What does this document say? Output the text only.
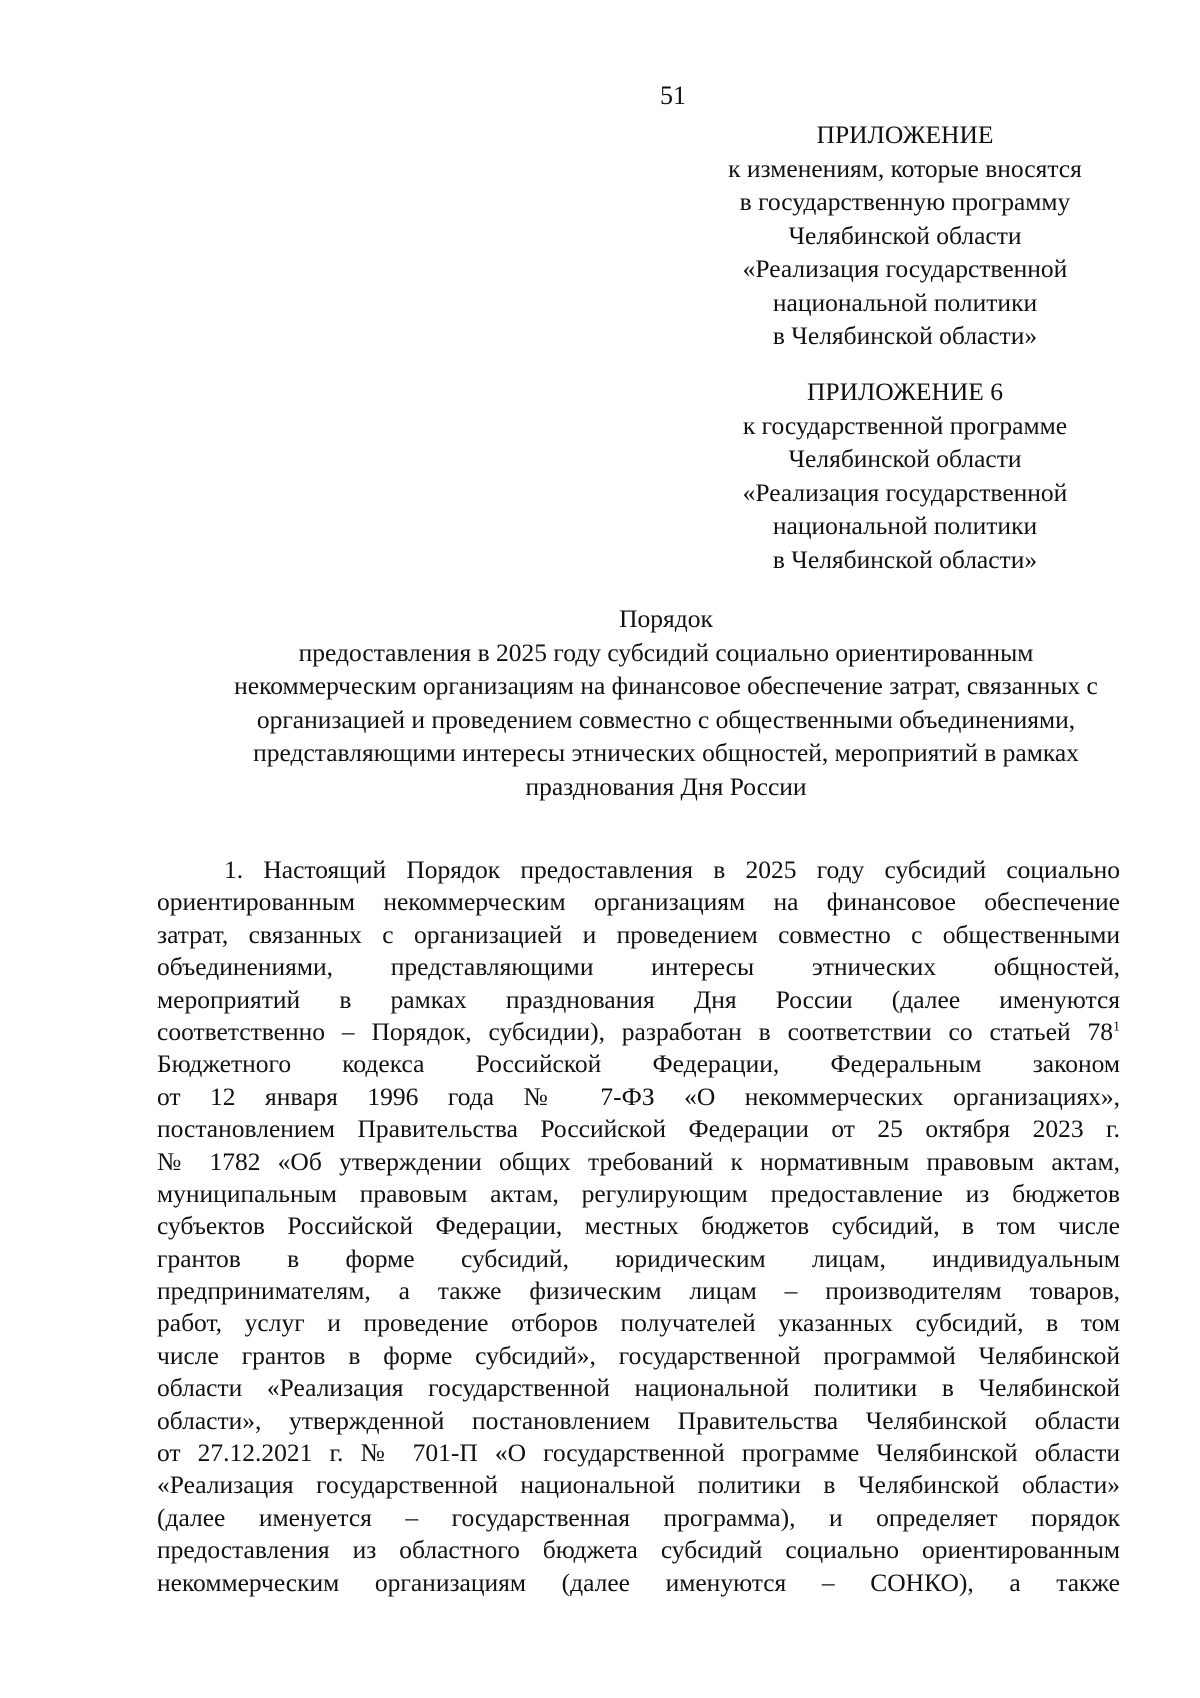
51
ПРИЛОЖЕНИЕ
к изменениям, которые вносятся
в государственную программу
Челябинской области
«Реализация государственной
национальной политики
в Челябинской области»
ПРИЛОЖЕНИЕ 6
к государственной программе
Челябинской области
«Реализация государственной
национальной политики
в Челябинской области»
Порядок
предоставления в 2025 году субсидий социально ориентированным
некоммерческим организациям на финансовое обеспечение затрат, связанных с
организацией и проведением совместно с общественными объединениями,
представляющими интересы этнических общностей, мероприятий в рамках
празднования Дня России
1. Настоящий Порядок предоставления в 2025 году субсидий социально
ориентированным некоммерческим организациям на финансовое обеспечение
затрат, связанных с организацией и проведением совместно с общественными
объединениями, представляющими интересы этнических общностей,
мероприятий в рамках празднования Дня России (далее именуются
соответственно – Порядок, субсидии), разработан в соответствии со статьей $78^1$
Бюджетного кодекса Российской Федерации, Федеральным законом
от 12 января 1996 года № 7-ФЗ «О некоммерческих организациях»,
постановлением Правительства Российской Федерации от 25 октября 2023 г.
№ 1782 «Об утверждении общих требований к нормативным правовым актам,
муниципальным правовым актам, регулирующим предоставление из бюджетов
субъектов Российской Федерации, местных бюджетов субсидий, в том числе
грантов в форме субсидий, юридическим лицам, индивидуальным
предпринимателям, а также физическим лицам – производителям товаров,
работ, услуг и проведение отборов получателей указанных субсидий, в том
числе грантов в форме субсидий», государственной программой Челябинской
области «Реализация государственной национальной политики в Челябинской
области», утвержденной постановлением Правительства Челябинской области
от 27.12.2021 г. № 701-П «О государственной программе Челябинской области
«Реализация государственной национальной политики в Челябинской области»
(далее именуется – государственная программа), и определяет порядок
предоставления из областного бюджета субсидий социально ориентированным
некоммерческим организациям (далее именуются – СОНКО), а также
